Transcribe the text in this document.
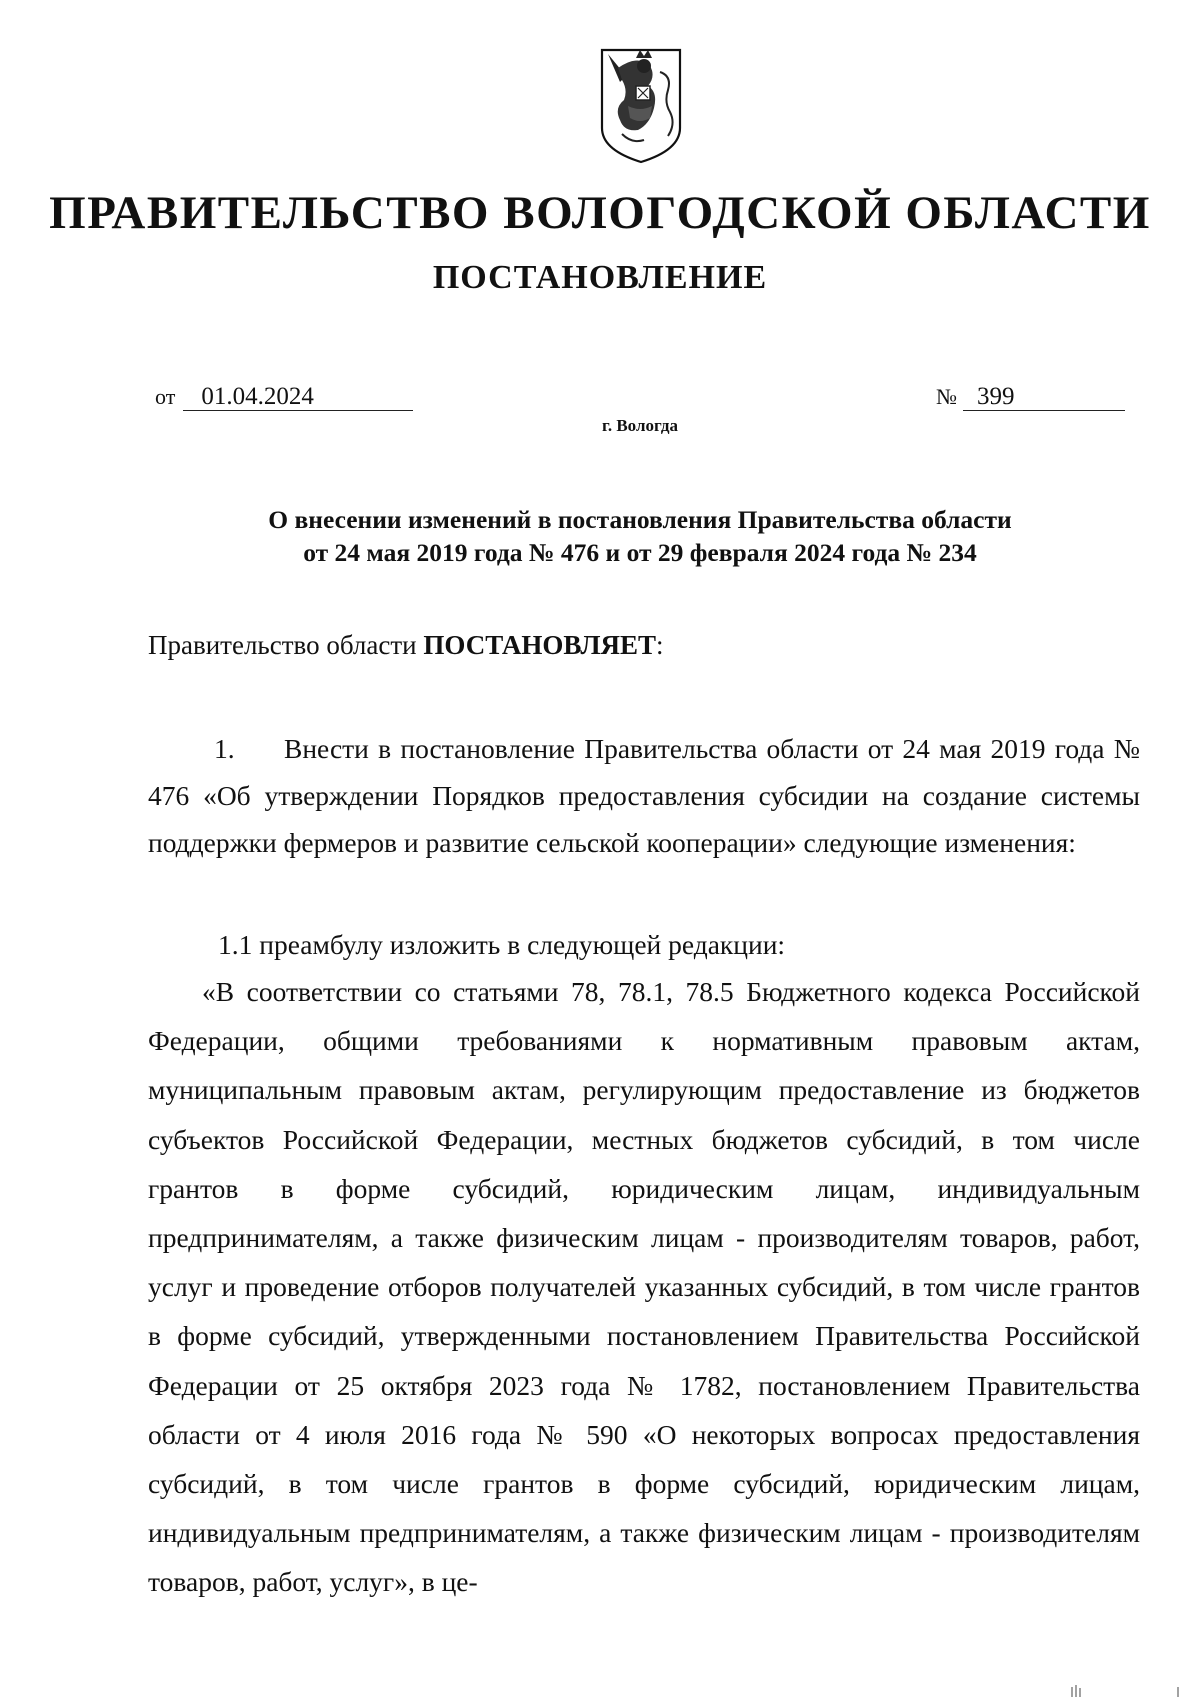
ПРАВИТЕЛЬСТВО ВОЛОГОДСКОЙ ОБЛАСТИ
ПОСТАНОВЛЕНИЕ
от 01.04.2024	№ 399
г. Вологда
О внесении изменений в постановления Правительства области
от 24 мая 2019 года № 476 и от 29 февраля 2024 года № 234
Правительство области ПОСТАНОВЛЯЕТ:

1. Внести в постановление Правительства области от 24 мая 2019 года № 476 «Об утверждении Порядков предоставления субсидии на создание системы поддержки фермеров и развитие сельской кооперации» следующие изменения:

1.1 преамбулу изложить в следующей редакции:

«В соответствии со статьями 78, 78.1, 78.5 Бюджетного кодекса Российской Федерации, общими требованиями к нормативным правовым актам, муниципальным правовым актам, регулирующим предоставление из бюджетов субъектов Российской Федерации, местных бюджетов субсидий, в том числе грантов в форме субсидий, юридическим лицам, индивидуальным предпринимателям, а также физическим лицам - производителям товаров, работ, услуг и проведение отборов получателей указанных субсидий, в том числе грантов в форме субсидий, утвержденными постановлением Правительства Российской Федерации от 25 октября 2023 года № 1782, постановлением Правительства области от 4 июля 2016 года № 590 «О некоторых вопросах предоставления субсидий, в том числе грантов в форме субсидий, юридическим лицам, индивидуальным предпринимателям, а также физическим лицам - производителям товаров, работ, услуг», в це-
